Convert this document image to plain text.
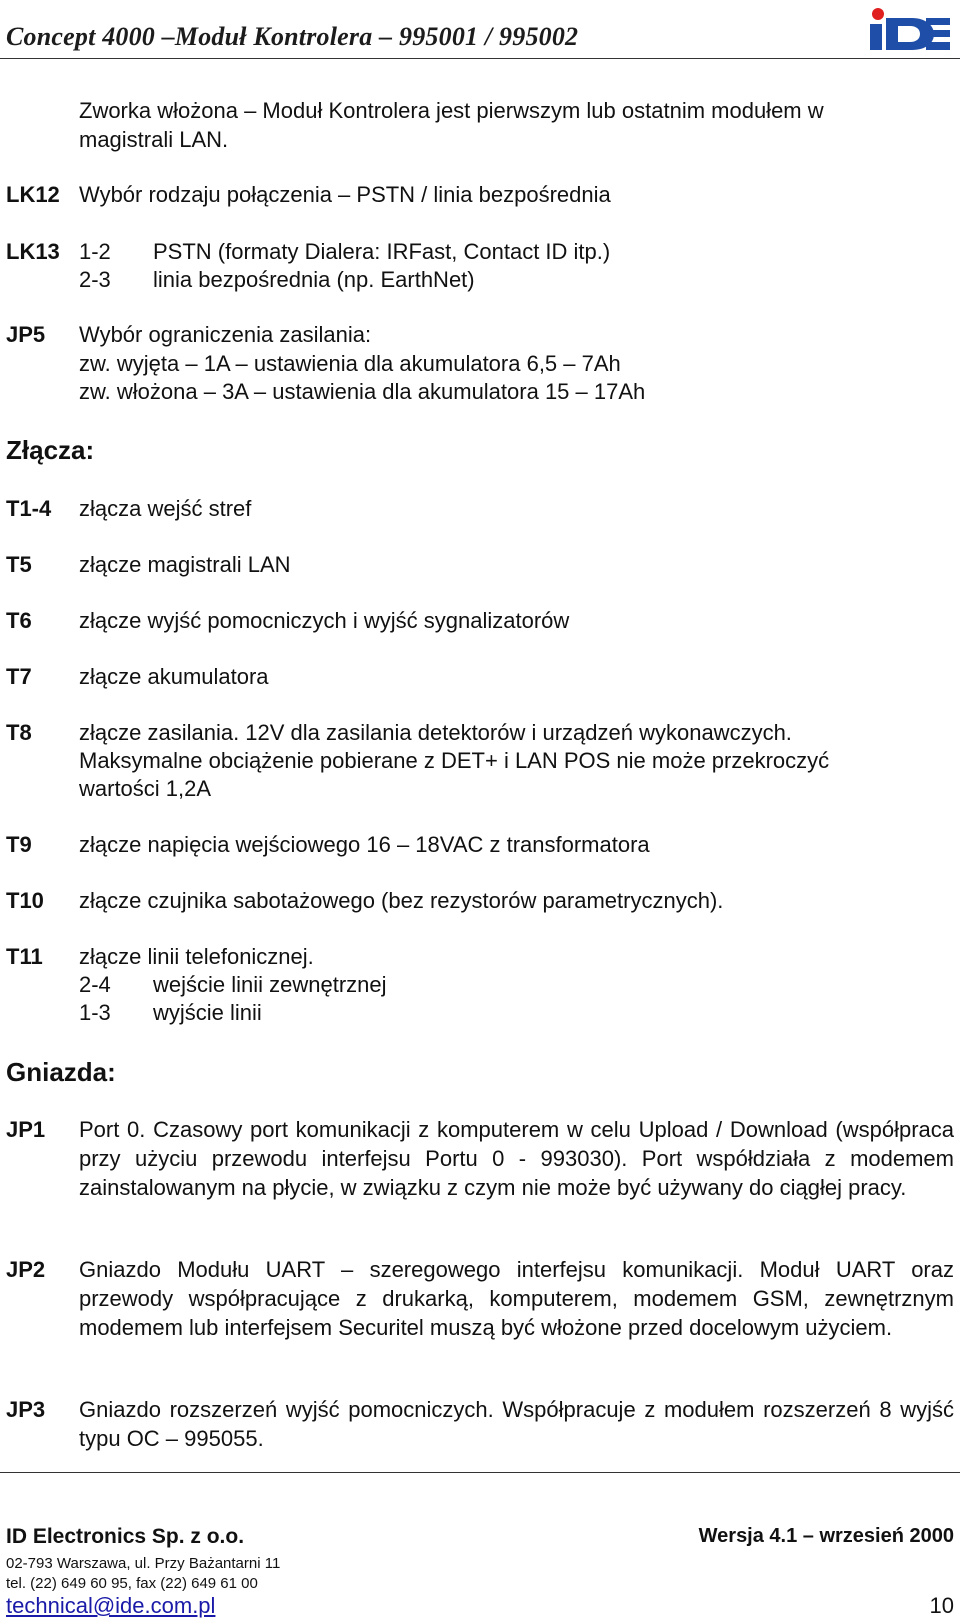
Concept 4000 –Moduł Kontrolera – 995001 / 995002
Zworka włożona – Moduł Kontrolera jest pierwszym lub ostatnim modułem w
magistrali LAN.
LK12 Wybór rodzaju połączenia – PSTN / linia bezpośrednia
LK13 1-2 PSTN (formaty Dialera: IRFast, Contact ID itp.)
2-3 linia bezpośrednia (np. EarthNet)
JP5 Wybór ograniczenia zasilania:
zw. wyjęta – 1A – ustawienia dla akumulatora 6,5 – 7Ah
zw. włożona – 3A – ustawienia dla akumulatora 15 – 17Ah
Złącza:
T1-4 złącza wejść stref
T5 złącze magistrali LAN
T6 złącze wyjść pomocniczych i wyjść sygnalizatorów
T7 złącze akumulatora
T8 złącze zasilania. 12V dla zasilania detektorów i urządzeń wykonawczych.
Maksymalne obciążenie pobierane z DET+ i LAN POS nie może przekroczyć
wartości 1,2A
T9 złącze napięcia wejściowego 16 – 18VAC z transformatora
T10 złącze czujnika sabotażowego (bez rezystorów parametrycznych).
T11 złącze linii telefonicznej.
2-4 wejście linii zewnętrznej
1-3 wyjście linii
Gniazda:
JP1 Port 0. Czasowy port komunikacji z komputerem w celu Upload / Download (współpraca przy użyciu przewodu interfejsu Portu 0 - 993030). Port współdziała z modemem zainstalowanym na płycie, w związku z czym nie może być używany do ciągłej pracy.
JP2 Gniazdo Modułu UART – szeregowego interfejsu komunikacji. Moduł UART oraz przewody współpracujące z drukarką, komputerem, modemem GSM, zewnętrznym modemem lub interfejsem Securitel muszą być włożone przed docelowym użyciem.
JP3 Gniazdo rozszerzeń wyjść pomocniczych. Współpracuje z modułem rozszerzeń 8 wyjść typu OC – 995055.
ID Electronics Sp. z o.o.	Wersja 4.1 – wrzesień 2000
02-793 Warszawa, ul. Przy Bażantarni 11
tel. (22) 649 60 95, fax (22) 649 61 00
technical@ide.com.pl	10
